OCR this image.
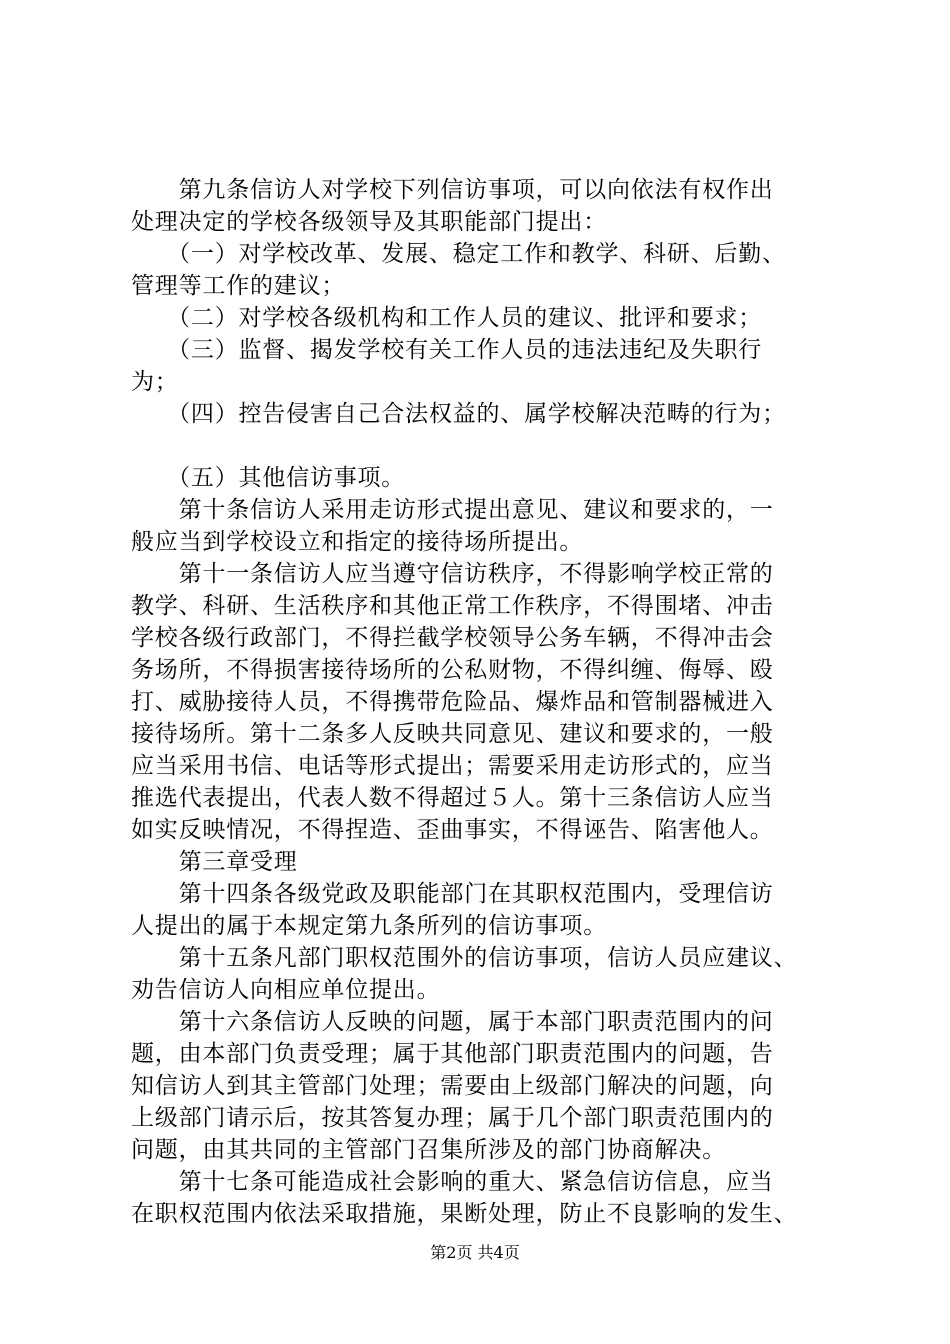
　　第九条信访人对学校下列信访事项，可以向依法有权作出
处理决定的学校各级领导及其职能部门提出：
　　（一）对学校改革、发展、稳定工作和教学、科研、后勤、
管理等工作的建议；
　　（二）对学校各级机构和工作人员的建议、批评和要求；
　　（三）监督、揭发学校有关工作人员的违法违纪及失职行
为；
　　（四）控告侵害自己合法权益的、属学校解决范畴的行为；
　　（五）其他信访事项。
　　第十条信访人采用走访形式提出意见、建议和要求的，一
般应当到学校设立和指定的接待场所提出。
　　第十一条信访人应当遵守信访秩序，不得影响学校正常的
教学、科研、生活秩序和其他正常工作秩序，不得围堵、冲击
学校各级行政部门，不得拦截学校领导公务车辆，不得冲击会
务场所，不得损害接待场所的公私财物，不得纠缠、侮辱、殴
打、威胁接待人员，不得携带危险品、爆炸品和管制器械进入
接待场所。第十二条多人反映共同意见、建议和要求的，一般
应当采用书信、电话等形式提出；需要采用走访形式的，应当
推选代表提出，代表人数不得超过５人。第十三条信访人应当
如实反映情况，不得捏造、歪曲事实，不得诬告、陷害他人。
　　第三章受理
　　第十四条各级党政及职能部门在其职权范围内，受理信访
人提出的属于本规定第九条所列的信访事项。
　　第十五条凡部门职权范围外的信访事项，信访人员应建议、
劝告信访人向相应单位提出。
　　第十六条信访人反映的问题，属于本部门职责范围内的问
题，由本部门负责受理；属于其他部门职责范围内的问题，告
知信访人到其主管部门处理；需要由上级部门解决的问题，向
上级部门请示后，按其答复办理；属于几个部门职责范围内的
问题，由其共同的主管部门召集所涉及的部门协商解决。
　　第十七条可能造成社会影响的重大、紧急信访信息，应当
在职权范围内依法采取措施，果断处理，防止不良影响的发生、
第2页 共4页
